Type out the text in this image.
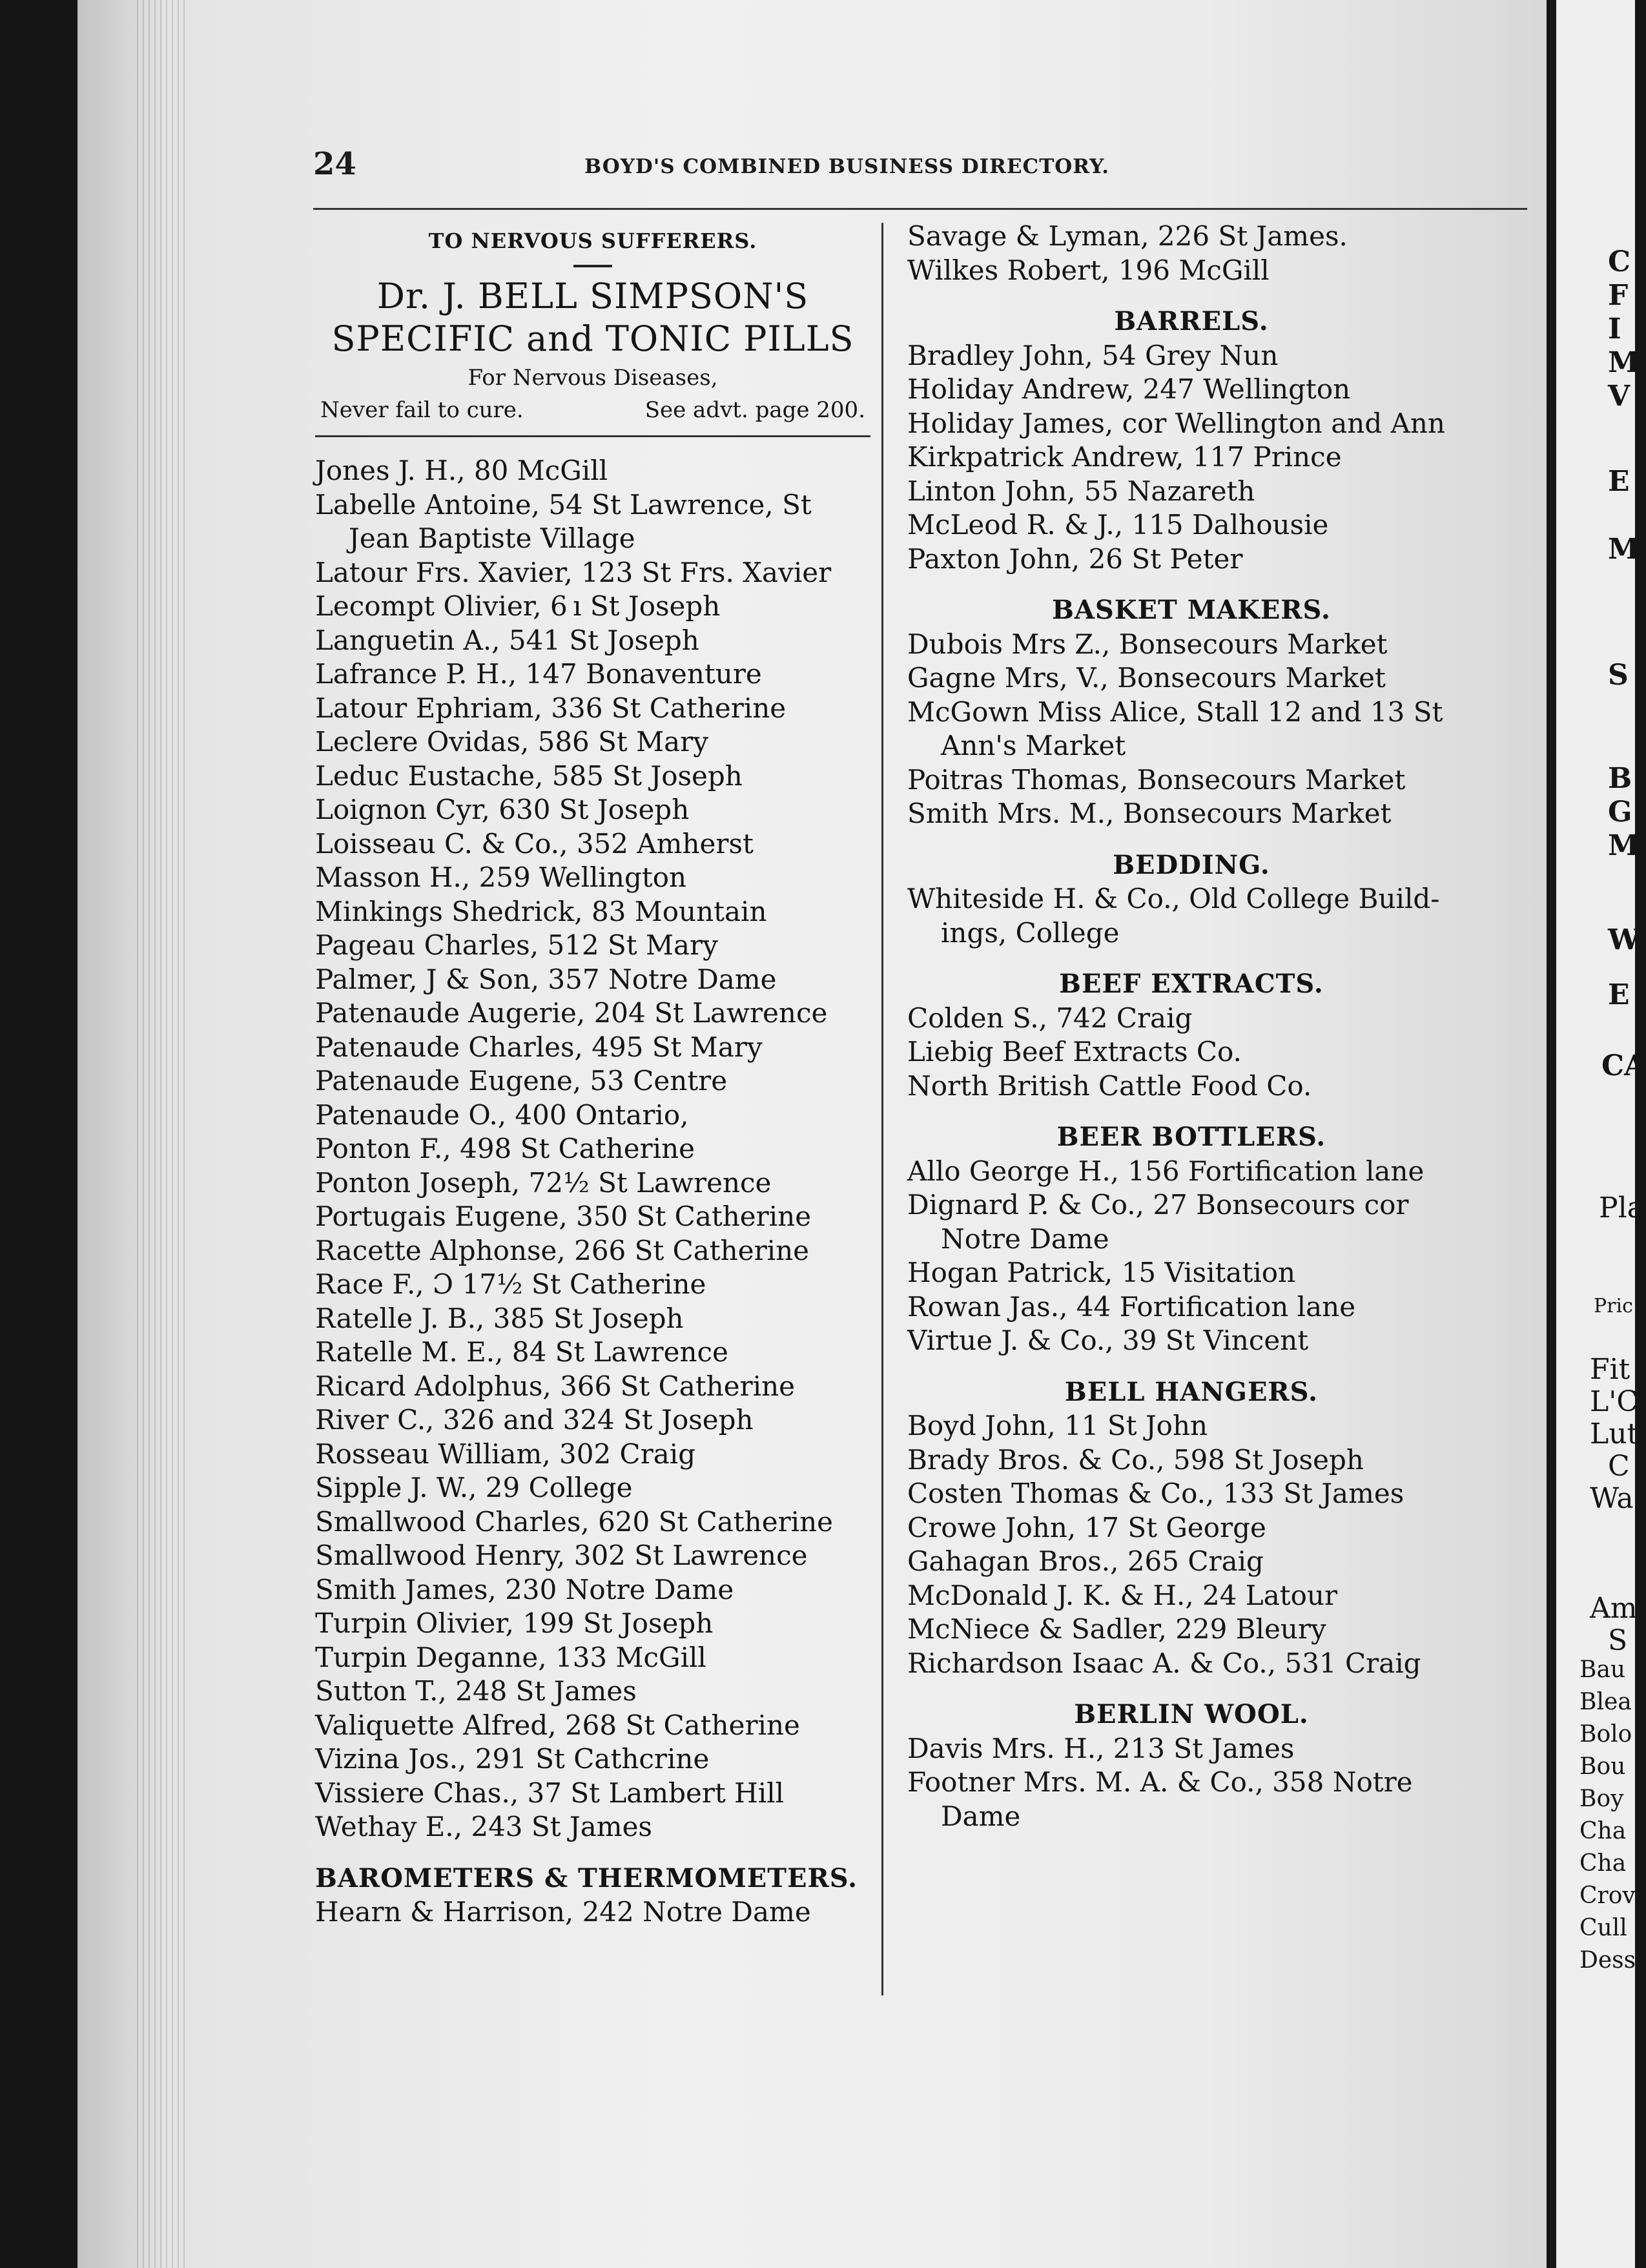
24	BOYD'S COMBINED BUSINESS DIRECTORY.
TO NERVOUS SUFFERERS.
Dr. J. BELL SIMPSON'S
SPECIFIC and TONIC PILLS
For Nervous Diseases,
Never fail to cure.	See advt. page 200.
Jones J. H., 80 McGill
Labelle Antoine, 54 St Lawrence, St
Jean Baptiste Village
Latour Frs. Xavier, 123 St Frs. Xavier
Lecompt Olivier, 6 ı St Joseph
Languetin A., 541 St Joseph
Lafrance P. H., 147 Bonaventure
Latour Ephriam, 336 St Catherine
Leclere Ovidas, 586 St Mary
Leduc Eustache, 585 St Joseph
Loignon Cyr, 630 St Joseph
Loisseau C. & Co., 352 Amherst
Masson H., 259 Wellington
Minkings Shedrick, 83 Mountain
Pageau Charles, 512 St Mary
Palmer, J & Son, 357 Notre Dame
Patenaude Augerie, 204 St Lawrence
Patenaude Charles, 495 St Mary
Patenaude Eugene, 53 Centre
Patenaude O., 400 Ontario,
Ponton F., 498 St Catherine
Ponton Joseph, 72½ St Lawrence
Portugais Eugene, 350 St Catherine
Racette Alphonse, 266 St Catherine
Race F., Ɔ 17½ St Catherine
Ratelle J. B., 385 St Joseph
Ratelle M. E., 84 St Lawrence
Ricard Adolphus, 366 St Catherine
River C., 326 and 324 St Joseph
Rosseau William, 302 Craig
Sipple J. W., 29 College
Smallwood Charles, 620 St Catherine
Smallwood Henry, 302 St Lawrence
Smith James, 230 Notre Dame
Turpin Olivier, 199 St Joseph
Turpin Deganne, 133 McGill
Sutton T., 248 St James
Valiquette Alfred, 268 St Catherine
Vizina Jos., 291 St Cathcrine
Vissiere Chas., 37 St Lambert Hill
Wethay E., 243 St James
BAROMETERS & THERMOMETERS.
Hearn & Harrison, 242 Notre Dame
Savage & Lyman, 226 St James.
Wilkes Robert, 196 McGill
BARRELS.
Bradley John, 54 Grey Nun
Holiday Andrew, 247 Wellington
Holiday James, cor Wellington and Ann
Kirkpatrick Andrew, 117 Prince
Linton John, 55 Nazareth
McLeod R. & J., 115 Dalhousie
Paxton John, 26 St Peter
BASKET MAKERS.
Dubois Mrs Z., Bonsecours Market
Gagne Mrs, V., Bonsecours Market
McGown Miss Alice, Stall 12 and 13 St
Ann's Market
Poitras Thomas, Bonsecours Market
Smith Mrs. M., Bonsecours Market
BEDDING.
Whiteside H. & Co., Old College Build-
ings, College
BEEF EXTRACTS.
Colden S., 742 Craig
Liebig Beef Extracts Co.
North British Cattle Food Co.
BEER BOTTLERS.
Allo George H., 156 Fortification lane
Dignard P. & Co., 27 Bonsecours cor
Notre Dame
Hogan Patrick, 15 Visitation
Rowan Jas., 44 Fortification lane
Virtue J. & Co., 39 St Vincent
BELL HANGERS.
Boyd John, 11 St John
Brady Bros. & Co., 598 St Joseph
Costen Thomas & Co., 133 St James
Crowe John, 17 St George
Gahagan Bros., 265 Craig
McDonald J. K. & H., 24 Latour
McNiece & Sadler, 229 Bleury
Richardson Isaac A. & Co., 531 Craig
BERLIN WOOL.
Davis Mrs. H., 213 St James
Footner Mrs. M. A. & Co., 358 Notre
Dame
C
F
I
M
V
E
M
S
B
G
M
W
E
CA
Pla
Pric
Fit
L'C
Lut
C
Wa
Am
S
Bau
Blea
Bolo
Bou
Boy
Cha
Cha
Crov
Cull
Dess
